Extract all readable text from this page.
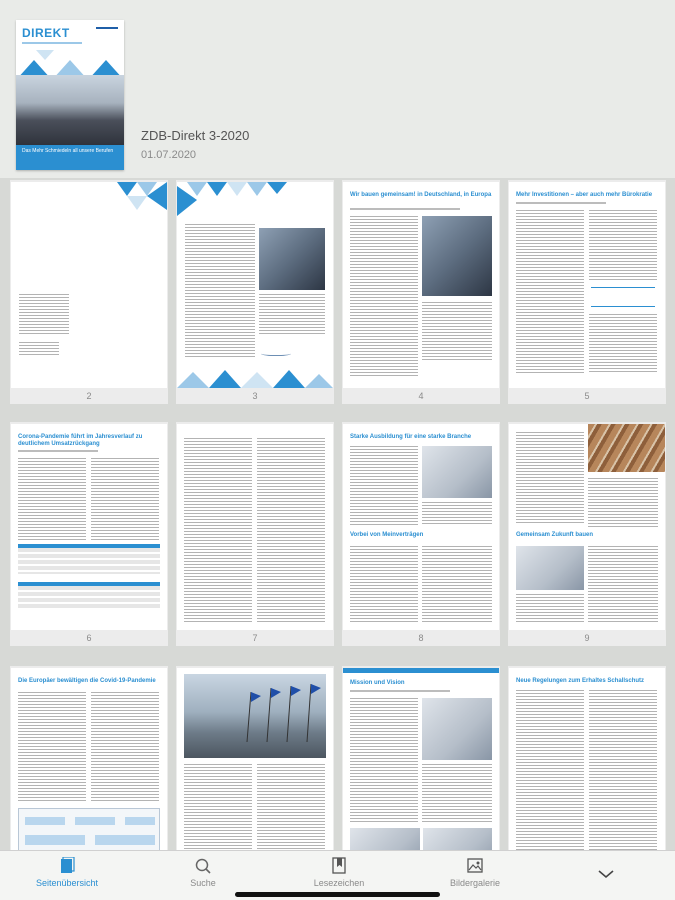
DIREKT
Das Mehr Schmiedeln all unsere Berufen
ZDB-Direkt 3-2020
01.07.2020
2	3
Wir bauen gemeinsam! in Deutschland, in Europa
4
Mehr Investitionen – aber auch mehr Bürokratie
5
Corona-Pandemie führt im Jahresverlauf zu deutlichem Umsatzrückgang
6	7
Starke Ausbildung für eine starke Branche
Vorbei von Meinverträgen
8
Gemeinsam Zukunft bauen
9
Die Europäer bewältigen die Covid-19-Pandemie	Mission und Vision	Neue Regelungen zum Erhaltes Schallschutz
Seitenübersicht	Suche	Lesezeichen	Bildergalerie
